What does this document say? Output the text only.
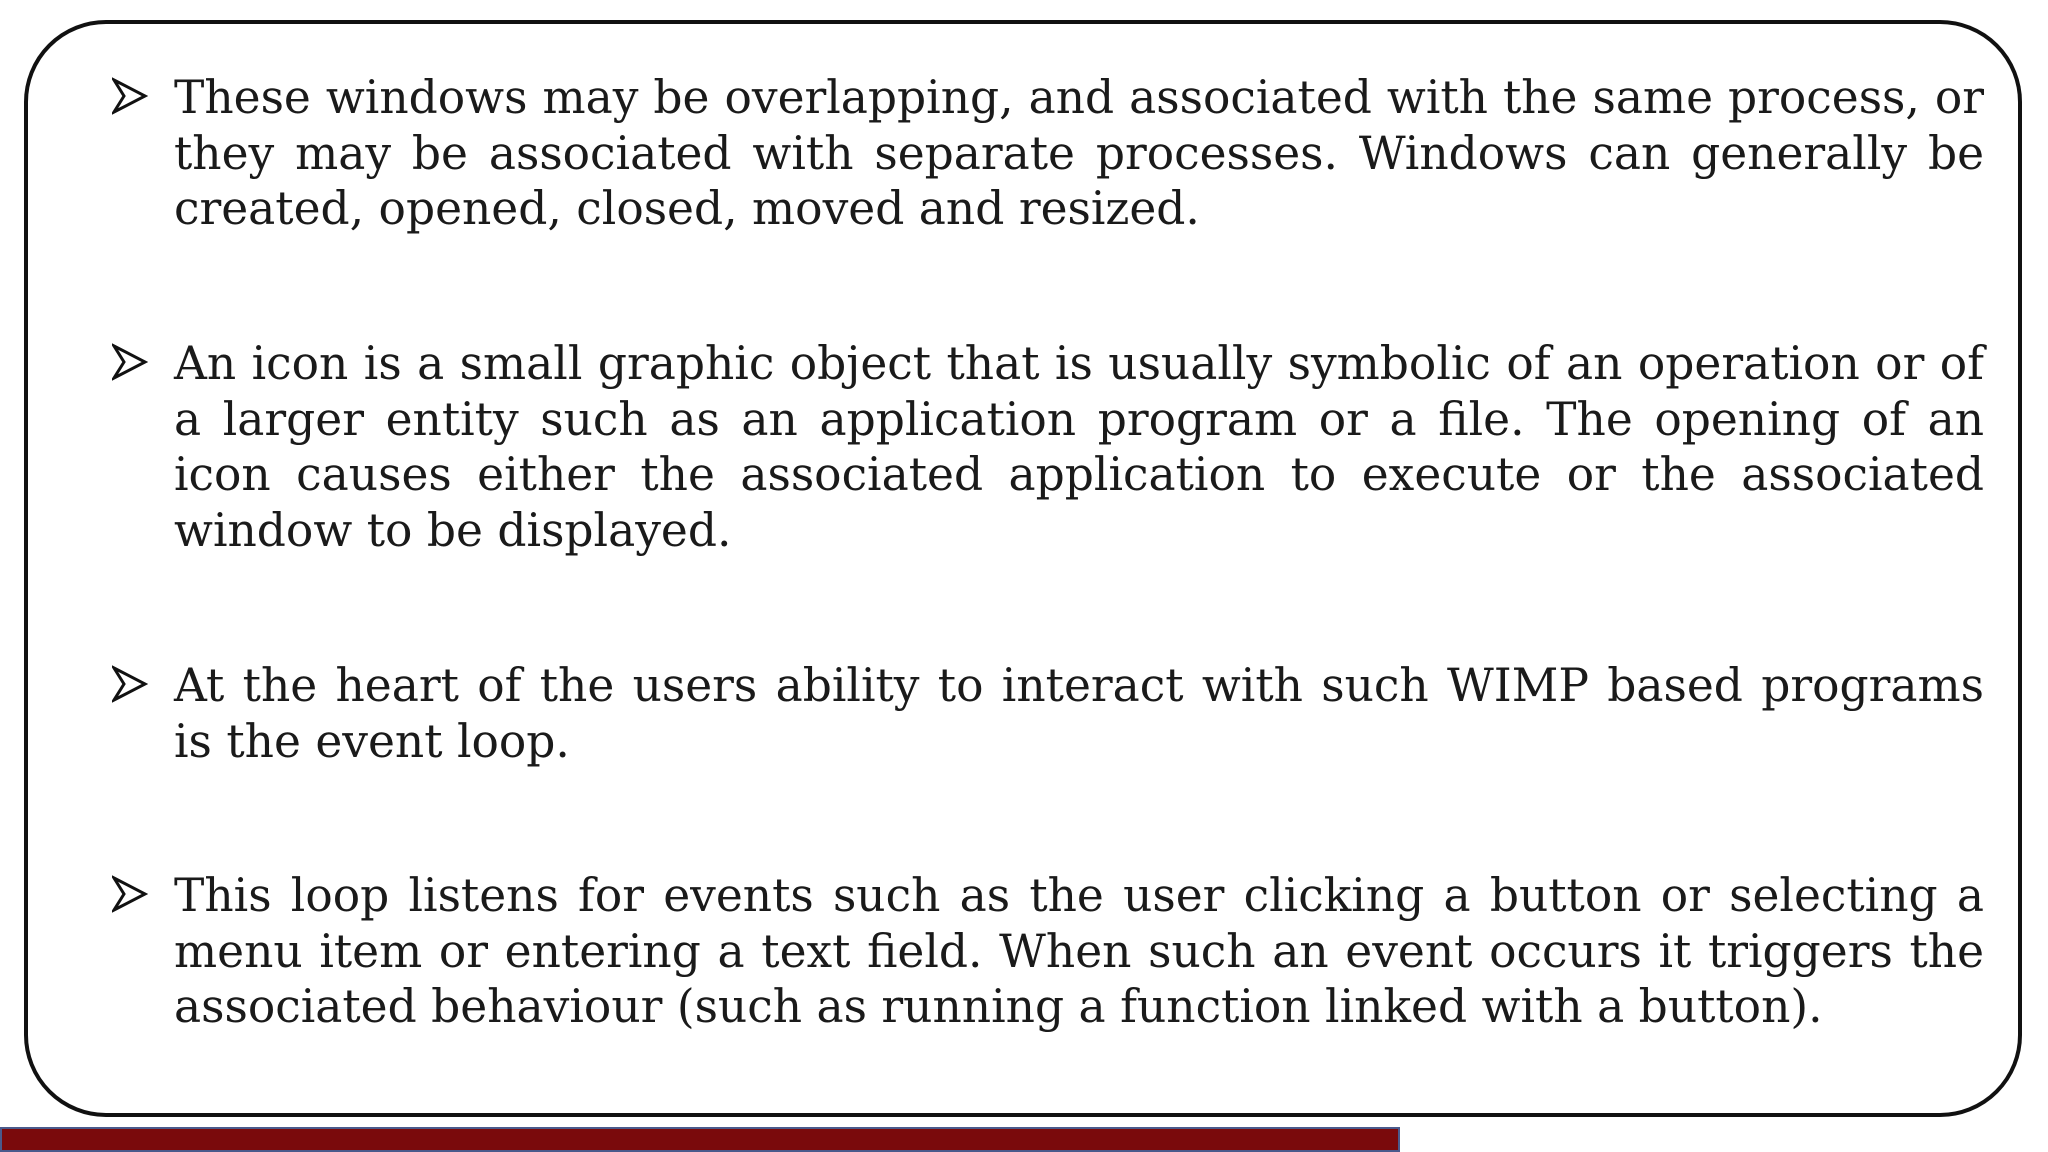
These windows may be overlapping, and associated with the same process, or they may be associated with separate processes. Windows can generally be created, opened, closed, moved and resized.

An icon is a small graphic object that is usually symbolic of an operation or of a larger entity such as an application program or a file. The opening of an icon causes either the associated application to execute or the associated window to be displayed.

At the heart of the users ability to interact with such WIMP based programs is the event loop.

This loop listens for events such as the user clicking a button or selecting a menu item or entering a text field. When such an event occurs it triggers the associated behaviour (such as running a function linked with a button).
